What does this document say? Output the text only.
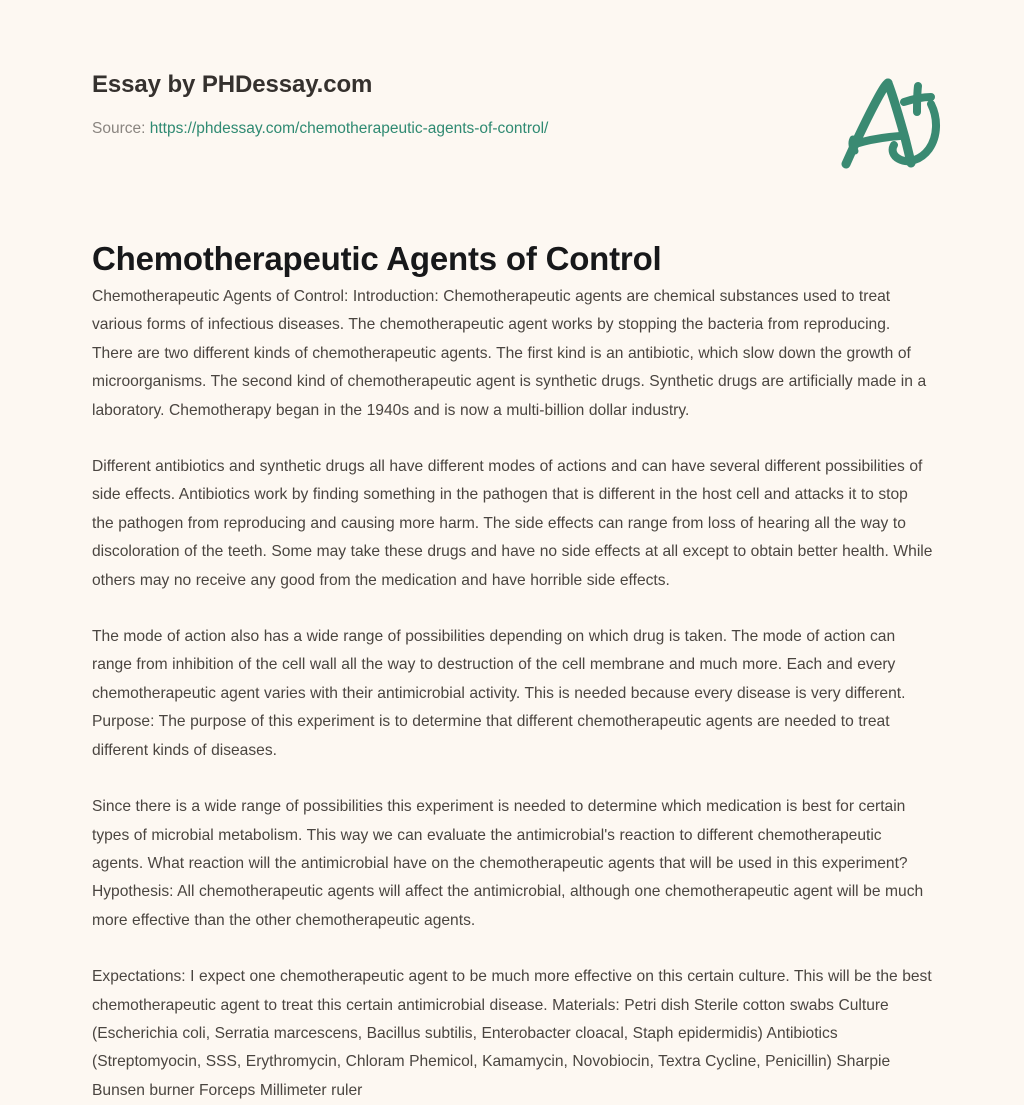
Essay by PHDessay.com
Source: https://phdessay.com/chemotherapeutic-agents-of-control/
Chemotherapeutic Agents of Control

Chemotherapeutic Agents of Control: Introduction: Chemotherapeutic agents are chemical substances used to treat various forms of infectious diseases. The chemotherapeutic agent works by stopping the bacteria from reproducing. There are two different kinds of chemotherapeutic agents. The first kind is an antibiotic, which slow down the growth of microorganisms. The second kind of chemotherapeutic agent is synthetic drugs. Synthetic drugs are artificially made in a laboratory. Chemotherapy began in the 1940s and is now a multi-billion dollar industry.

Different antibiotics and synthetic drugs all have different modes of actions and can have several different possibilities of side effects. Antibiotics work by finding something in the pathogen that is different in the host cell and attacks it to stop the pathogen from reproducing and causing more harm. The side effects can range from loss of hearing all the way to discoloration of the teeth. Some may take these drugs and have no side effects at all except to obtain better health. While others may no receive any good from the medication and have horrible side effects.

The mode of action also has a wide range of possibilities depending on which drug is taken. The mode of action can range from inhibition of the cell wall all the way to destruction of the cell membrane and much more. Each and every chemotherapeutic agent varies with their antimicrobial activity. This is needed because every disease is very different. Purpose: The purpose of this experiment is to determine that different chemotherapeutic agents are needed to treat different kinds of diseases.

Since there is a wide range of possibilities this experiment is needed to determine which medication is best for certain types of microbial metabolism. This way we can evaluate the antimicrobial's reaction to different chemotherapeutic agents. What reaction will the antimicrobial have on the chemotherapeutic agents that will be used in this experiment? Hypothesis: All chemotherapeutic agents will affect the antimicrobial, although one chemotherapeutic agent will be much more effective than the other chemotherapeutic agents.

Expectations: I expect one chemotherapeutic agent to be much more effective on this certain culture. This will be the best chemotherapeutic agent to treat this certain antimicrobial disease. Materials: Petri dish Sterile cotton swabs Culture (Escherichia coli, Serratia marcescens, Bacillus subtilis, Enterobacter cloacal, Staph epidermidis) Antibiotics (Streptomyocin, SSS, Erythromycin, Chloram Phemicol, Kamamycin, Novobiocin, Textra Cycline, Penicillin) Sharpie Bunsen burner Forceps Millimeter ruler
